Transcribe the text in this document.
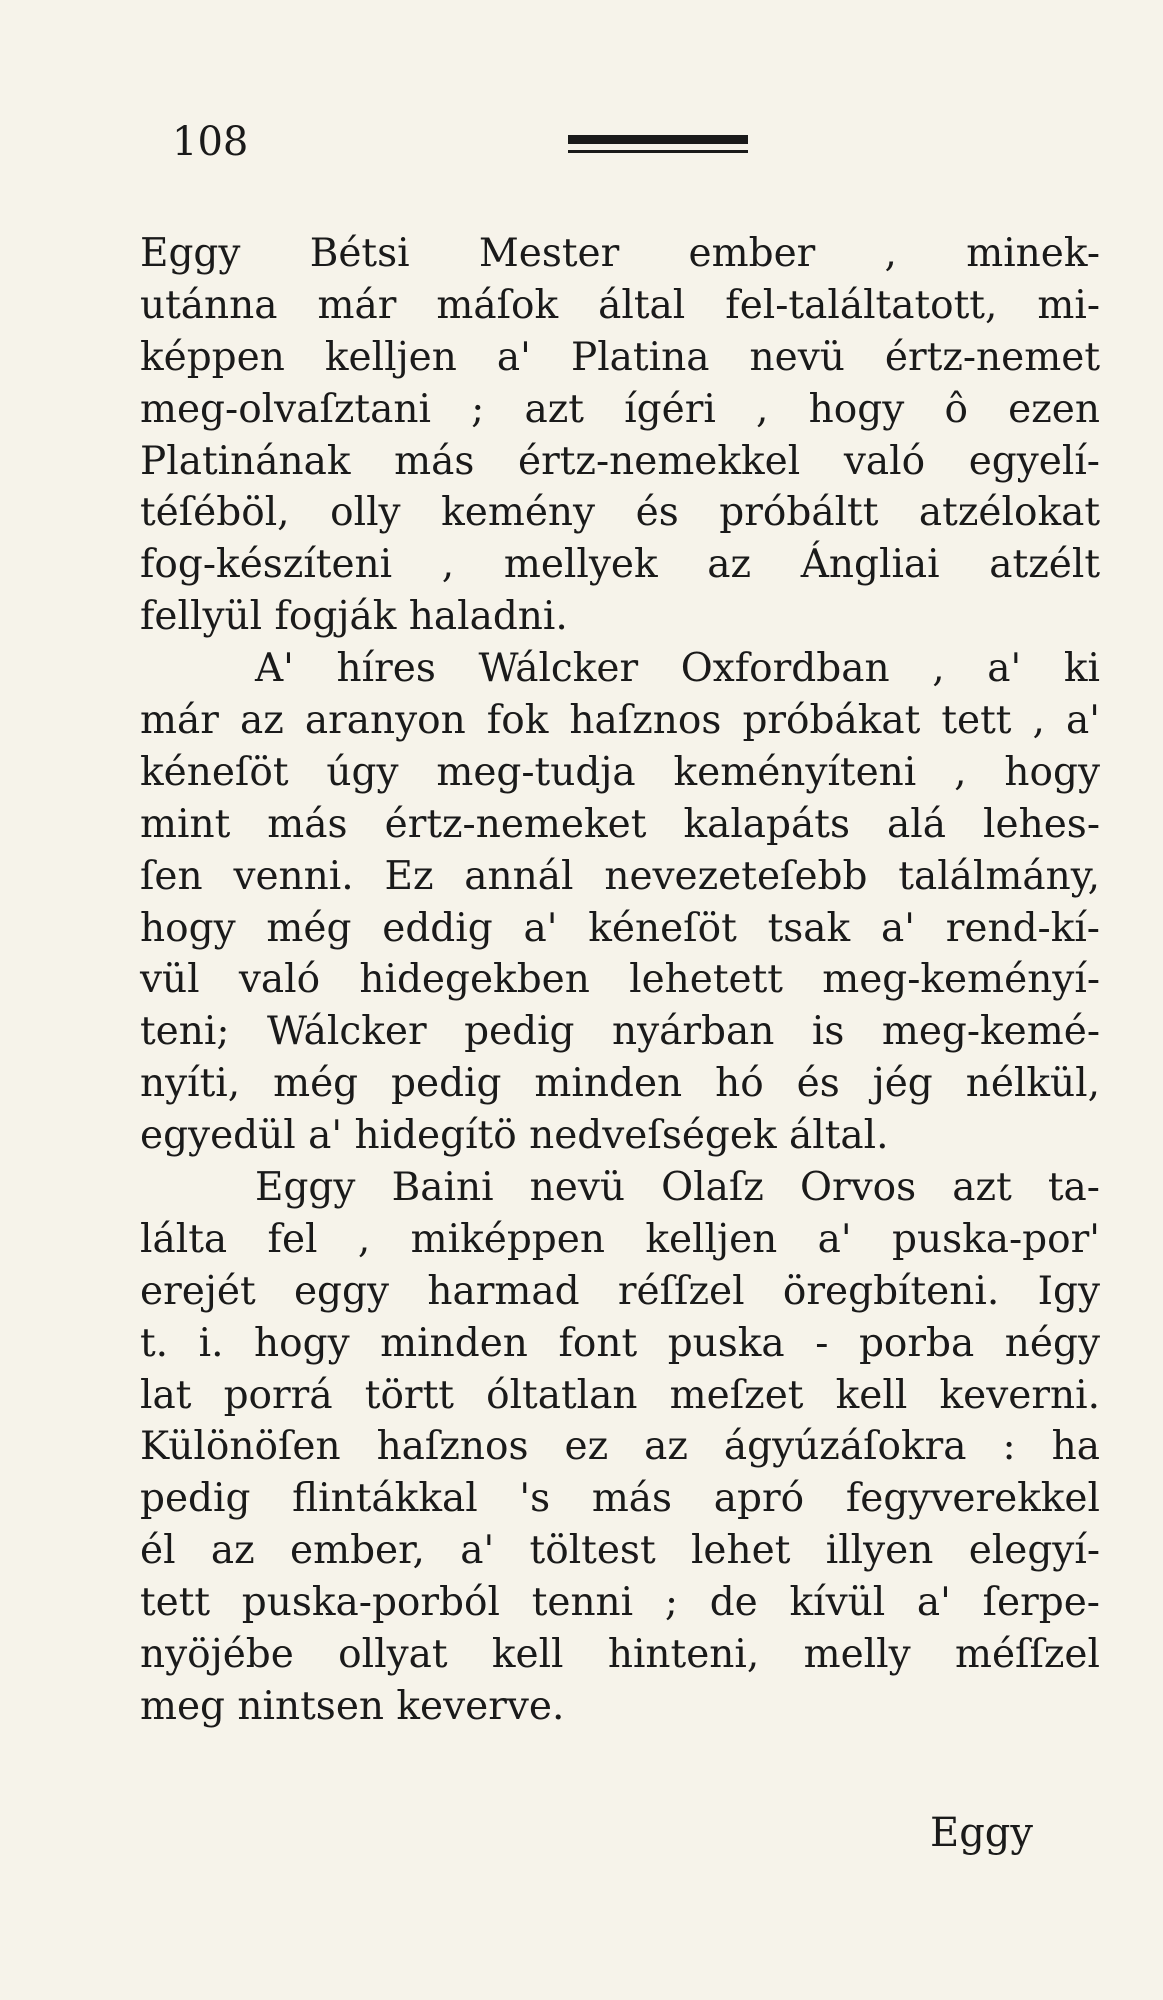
108
Eggy Bétsi Mester ember , minek-
utánna már máſok által fel-találtatott, mi-
képpen kelljen a' Platina nevü értz-nemet
meg-olvaſztani ; azt ígéri , hogy ô ezen
Platinának más értz-nemekkel való egyelí-
téſéböl, olly kemény és próbáltt atzélokat
fog-készíteni , mellyek az Ángliai atzélt
fellyül fogják haladni.
A' híres Wálcker Oxfordban , a' ki
már az aranyon fok haſznos próbákat tett , a'
kéneſöt úgy meg-tudja keményíteni , hogy
mint más értz-nemeket kalapáts alá lehes-
ſen venni. Ez annál nevezeteſebb találmány,
hogy még eddig a' kéneſöt tsak a' rend-kí-
vül való hidegekben lehetett meg-keményí-
teni; Wálcker pedig nyárban is meg-kemé-
nyíti, még pedig minden hó és jég nélkül,
egyedül a' hidegítö nedveſségek által.
Eggy Baini nevü Olaſz Orvos azt ta-
lálta fel , miképpen kelljen a' puska-por'
erejét eggy harmad réſſzel öregbíteni. Igy
t. i. hogy minden font puska - porba négy
lat porrá törtt óltatlan meſzet kell keverni.
Különöſen haſznos ez az ágyúzáſokra : ha
pedig flintákkal 's más apró fegyverekkel
él az ember, a' töltest lehet illyen elegyí-
tett puska-porból tenni ; de kívül a' ſerpe-
nyöjébe ollyat kell hinteni, melly méſſzel
meg nintsen keverve.
Eggy
